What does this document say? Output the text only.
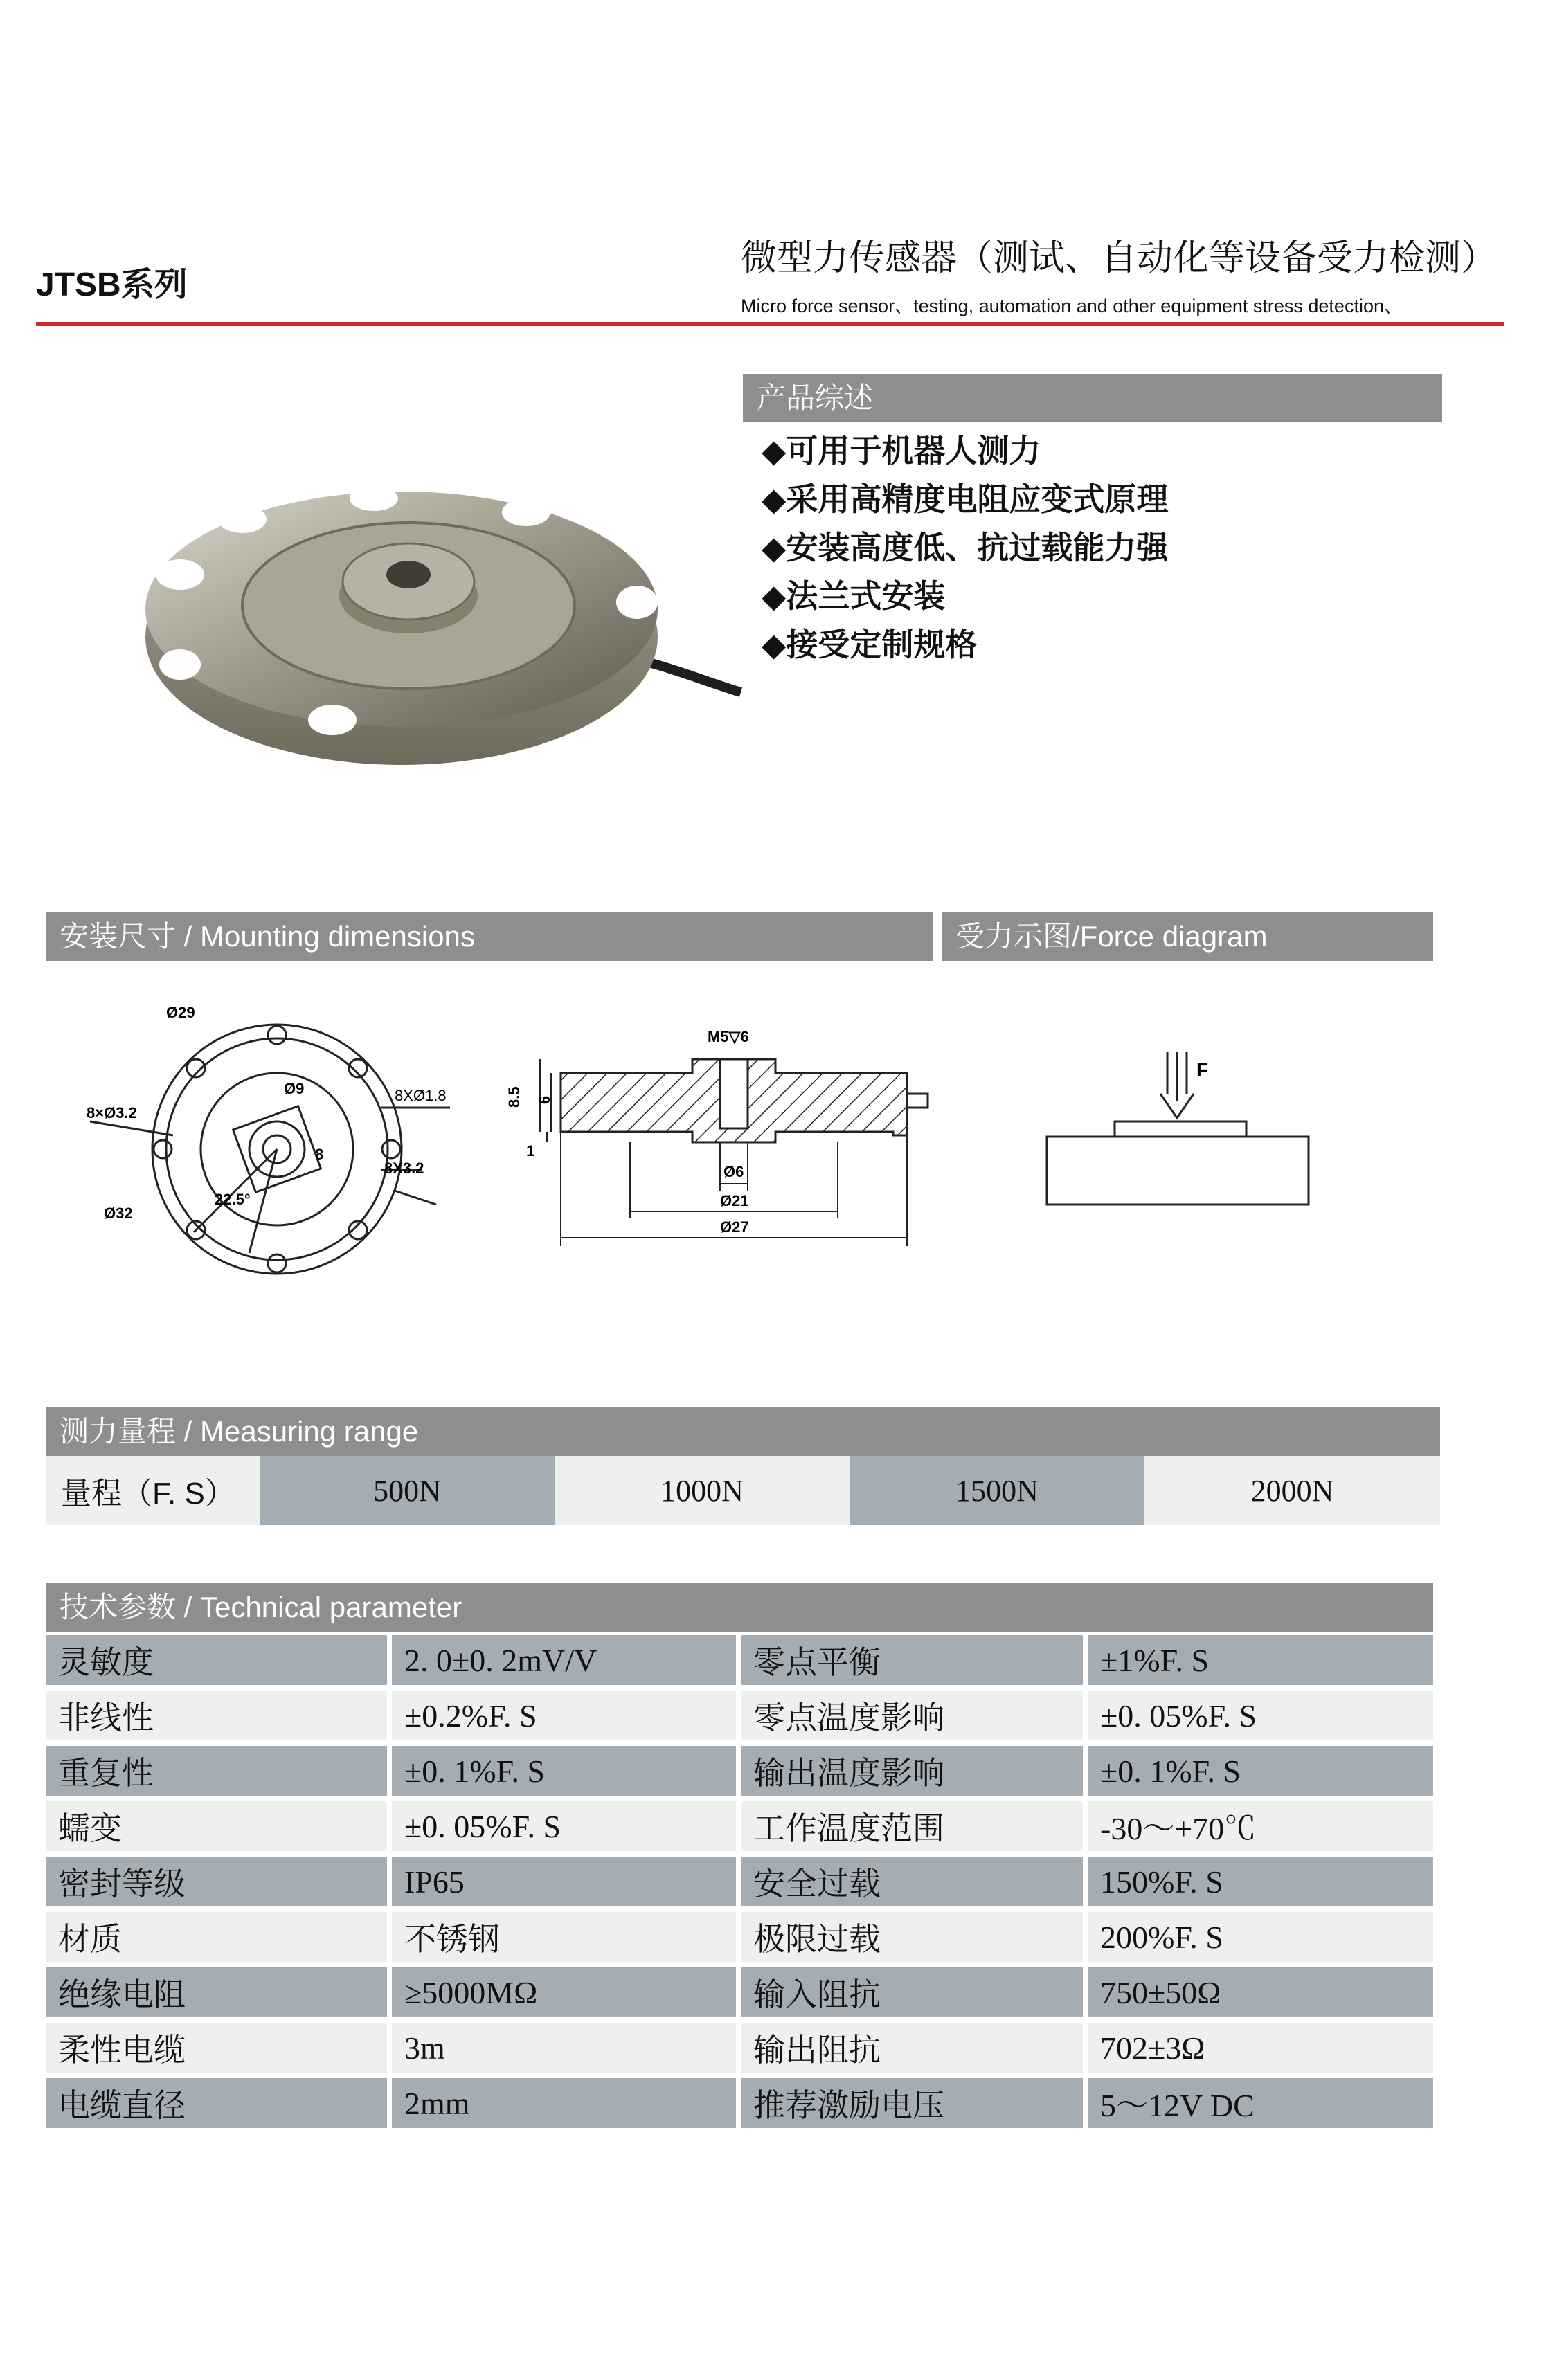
JTSB系列
微型力传感器（测试、自动化等设备受力检测）
Micro force sensor、testing, automation and other equipment stress detection、
产品综述
◆可用于机器人测力
◆采用高精度电阻应变式原理
◆安装高度低、抗过载能力强
◆法兰式安装
◆接受定制规格
安装尺寸 / Mounting dimensions	受力示图/Force diagram
Ø29
8×Ø3.2
Ø9	8XØ1.8
8
8X3.2
22.5°
Ø32
M5▽6
8.5 6
1
Ø6
Ø21
Ø27
F
测力量程 / Measuring range
量程（F. S）	500N	1000N	1500N	2000N
技术参数 / Technical parameter
灵敏度	2. 0±0. 2mV/V	零点平衡	±1%F. S
非线性	±0.2%F. S	零点温度影响	±0. 05%F. S
重复性	±0. 1%F. S	输出温度影响	±0. 1%F. S
蠕变	±0. 05%F. S	工作温度范围	-30～+70℃
密封等级	IP65	安全过载	150%F. S
材质	不锈钢	极限过载	200%F. S
绝缘电阻	≥5000MΩ	输入阻抗	750±50Ω
柔性电缆	3m	输出阻抗	702±3Ω
电缆直径	2mm	推荐激励电压	5～12V DC
